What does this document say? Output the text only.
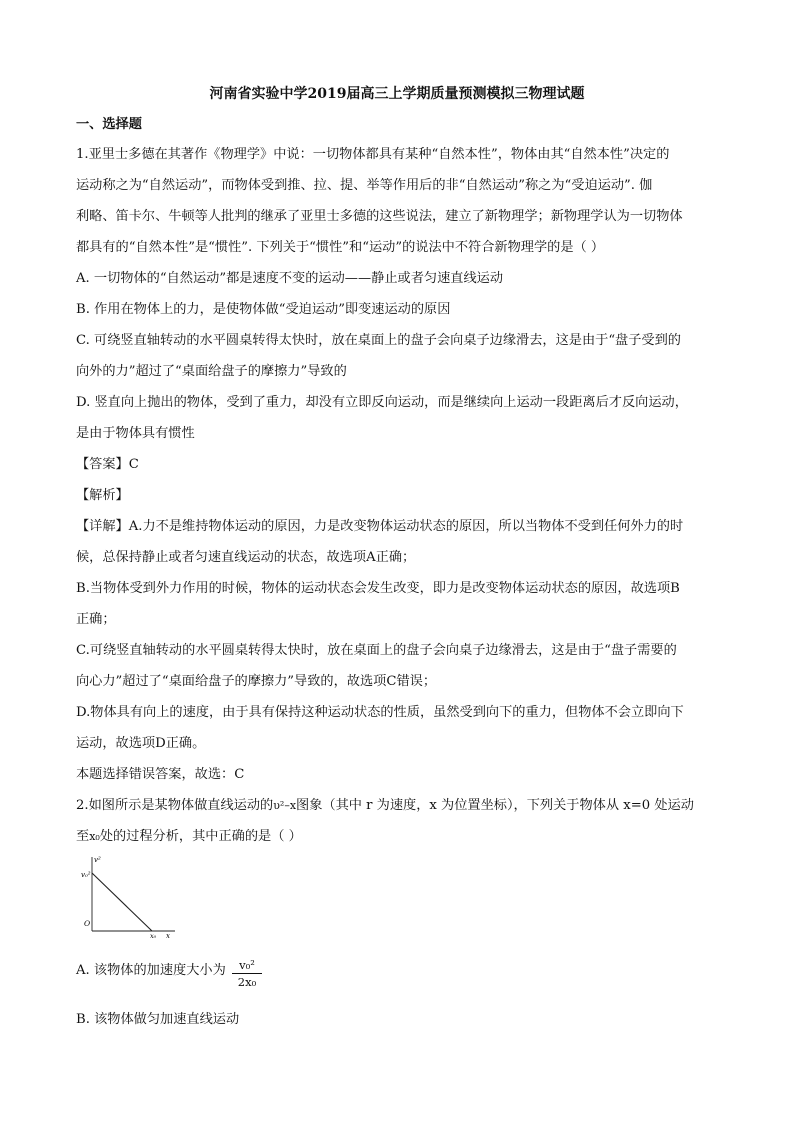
河南省实验中学2019届高三上学期质量预测模拟三物理试题
一、选择题
1.亚里士多德在其著作《物理学》中说：一切物体都具有某种“自然本性”，物体由其“自然本性”决定的
运动称之为“自然运动”，而物体受到推、拉、提、举等作用后的非“自然运动”称之为“受迫运动”. 伽
利略、笛卡尔、牛顿等人批判的继承了亚里士多德的这些说法，建立了新物理学；新物理学认为一切物体
都具有的“自然本性”是“惯性”. 下列关于“惯性”和“运动”的说法中不符合新物理学的是（ ）
A. 一切物体的“自然运动”都是速度不变的运动——静止或者匀速直线运动
B. 作用在物体上的力，是使物体做“受迫运动”即变速运动的原因
C. 可绕竖直轴转动的水平圆桌转得太快时，放在桌面上的盘子会向桌子边缘滑去，这是由于“盘子受到的
向外的力”超过了“桌面给盘子的摩擦力”导致的
D. 竖直向上抛出的物体，受到了重力，却没有立即反向运动，而是继续向上运动一段距离后才反向运动，
是由于物体具有惯性
【答案】C
【解析】
【详解】A.力不是维持物体运动的原因，力是改变物体运动状态的原因，所以当物体不受到任何外力的时
候，总保持静止或者匀速直线运动的状态，故选项A正确；
B.当物体受到外力作用的时候，物体的运动状态会发生改变，即力是改变物体运动状态的原因，故选项B
正确；
C.可绕竖直轴转动的水平圆桌转得太快时，放在桌面上的盘子会向桌子边缘滑去，这是由于“盘子需要的
向心力”超过了“桌面给盘子的摩擦力”导致的，故选项C错误；
D.物体具有向上的速度，由于具有保持这种运动状态的性质，虽然受到向下的重力，但物体不会立即向下
运动，故选项D正确。
本题选择错误答案，故选：C
2.如图所示是某物体做直线运动的υ²–x图象（其中 r 为速度，x 为位置坐标），下列关于物体从 x=0 处运动
至x₀处的过程分析，其中正确的是（ ）
v²
v₀²
O
x₀ x
A. 该物体的加速度大小为 $\frac{\text{v₀²}}{\text{2x₀}}$
B. 该物体做匀加速直线运动
